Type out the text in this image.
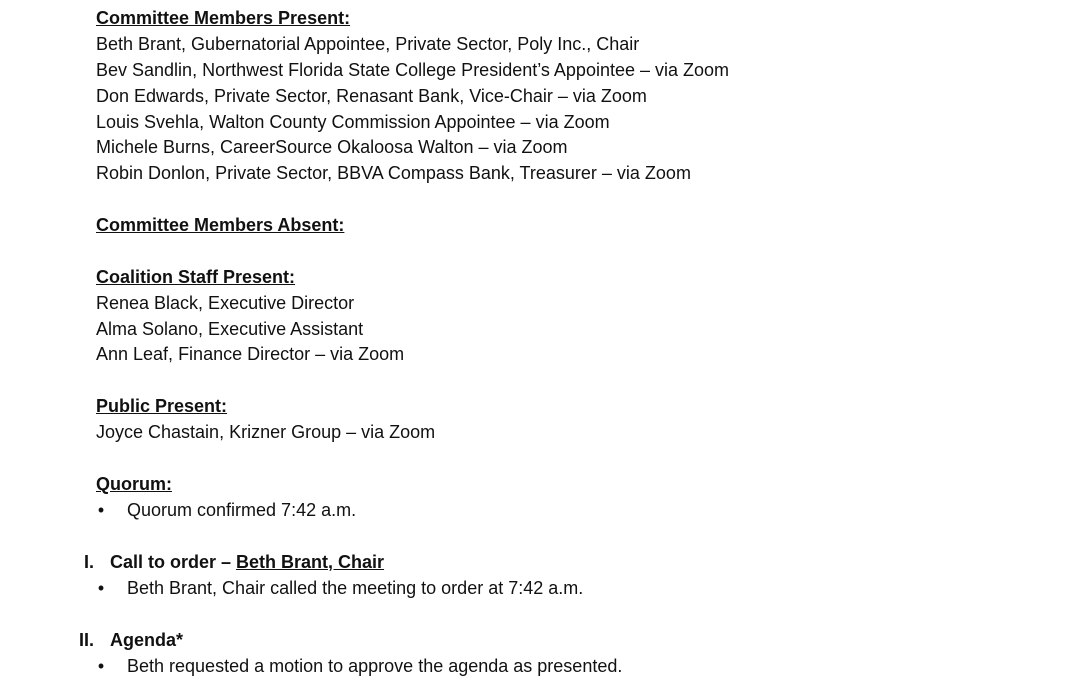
Committee Members Present:
Beth Brant, Gubernatorial Appointee, Private Sector, Poly Inc., Chair
Bev Sandlin, Northwest Florida State College President’s Appointee – via Zoom
Don Edwards, Private Sector, Renasant Bank, Vice-Chair – via Zoom
Louis Svehla, Walton County Commission Appointee – via Zoom
Michele Burns, CareerSource Okaloosa Walton – via Zoom
Robin Donlon, Private Sector, BBVA Compass Bank, Treasurer – via Zoom
Committee Members Absent:
Coalition Staff Present:
Renea Black, Executive Director
Alma Solano, Executive Assistant
Ann Leaf, Finance Director – via Zoom
Public Present:
Joyce Chastain, Krizner Group – via Zoom
Quorum:
• Quorum confirmed 7:42 a.m.
I. Call to order – Beth Brant, Chair
• Beth Brant, Chair called the meeting to order at 7:42 a.m.
II. Agenda*
• Beth requested a motion to approve the agenda as presented.
